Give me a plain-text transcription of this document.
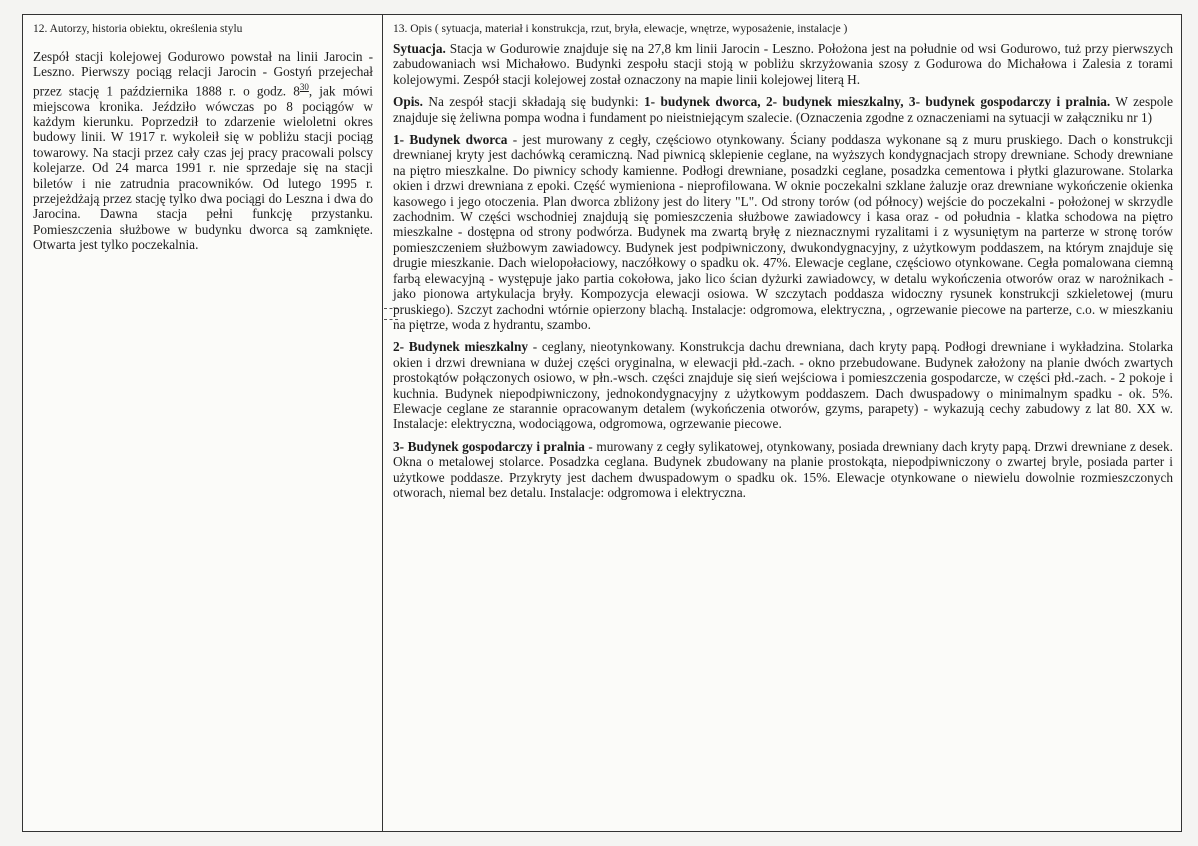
12. Autorzy, historia obiektu, określenia stylu
Zespół stacji kolejowej Godurowo powstał na linii Jarocin - Leszno. Pierwszy pociąg relacji Jarocin - Gostyń przejechał przez stację 1 października 1888 r. o godz. $8^{30}$, jak mówi miejscowa kronika. Jeździło wówczas po 8 pociągów w każdym kierunku. Poprzedził to zdarzenie wieloletni okres budowy linii. W 1917 r. wykoleił się w pobliżu stacji pociąg towarowy. Na stacji przez cały czas jej pracy pracowali polscy kolejarze. Od 24 marca 1991 r. nie sprzedaje się na stacji biletów i nie zatrudnia pracowników. Od lutego 1995 r. przejeżdżają przez stację tylko dwa pociągi do Leszna i dwa do Jarocina. Dawna stacja pełni funkcję przystanku. Pomieszczenia służbowe w budynku dworca są zamknięte. Otwarta jest tylko poczekalnia.
13. Opis ( sytuacja, materiał i konstrukcja, rzut, bryła, elewacje, wnętrze, wyposażenie, instalacje )

Sytuacja. Stacja w Godurowie znajduje się na 27,8 km linii Jarocin - Leszno. Położona jest na południe od wsi Godurowo, tuż przy pierwszych zabudowaniach wsi Michałowo. Budynki zespołu stacji stoją w pobliżu skrzyżowania szosy z Godurowa do Michałowa i Zalesia z torami kolejowymi. Zespół stacji kolejowej został oznaczony na mapie linii kolejowej literą H.

Opis. Na zespół stacji składają się budynki: 1- budynek dworca, 2- budynek mieszkalny, 3- budynek gospodarczy i pralnia. W zespole znajduje się żeliwna pompa wodna i fundament po nieistniejącym szalecie. (Oznaczenia zgodne z oznaczeniami na sytuacji w załączniku nr 1)

1- Budynek dworca - jest murowany z cegły, częściowo otynkowany. Ściany poddasza wykonane są z muru pruskiego. Dach o konstrukcji drewnianej kryty jest dachówką ceramiczną. Nad piwnicą sklepienie ceglane, na wyższych kondygnacjach stropy drewniane. Schody drewniane na piętro mieszkalne. Do piwnicy schody kamienne. Podłogi drewniane, posadzki ceglane, posadzka cementowa i płytki glazurowane. Stolarka okien i drzwi drewniana z epoki. Część wymieniona - nieprofilowana. W oknie poczekalni szklane żaluzje oraz drewniane wykończenie okienka kasowego i jego otoczenia. Plan dworca zbliżony jest do litery "L". Od strony torów (od północy) wejście do poczekalni - położonej w skrzydle zachodnim. W części wschodniej znajdują się pomieszczenia służbowe zawiadowcy i kasa oraz - od południa - klatka schodowa na piętro mieszkalne - dostępna od strony podwórza. Budynek ma zwartą bryłę z nieznacznymi ryzalitami i z wysuniętym na parterze w stronę torów pomieszczeniem służbowym zawiadowcy. Budynek jest podpiwniczony, dwukondygnacyjny, z użytkowym poddaszem, na którym znajduje się drugie mieszkanie. Dach wielopołaciowy, naczółkowy o spadku ok. 47%. Elewacje ceglane, częściowo otynkowane. Cegła pomalowana ciemną farbą elewacyjną - występuje jako partia cokołowa, jako lico ścian dyżurki zawiadowcy, w detalu wykończenia otworów oraz w narożnikach - jako pionowa artykulacja bryły. Kompozycja elewacji osiowa. W szczytach poddasza widoczny rysunek konstrukcji szkieletowej (muru pruskiego). Szczyt zachodni wtórnie opierzony blachą. Instalacje: odgromowa, elektryczna, , ogrzewanie piecowe na parterze, c.o. w mieszkaniu na piętrze, woda z hydrantu, szambo.

2- Budynek mieszkalny - ceglany, nieotynkowany. Konstrukcja dachu drewniana, dach kryty papą. Podłogi drewniane i wykładzina. Stolarka okien i drzwi drewniana w dużej części oryginalna, w elewacji płd.-zach. - okno przebudowane. Budynek założony na planie dwóch zwartych prostokątów połączonych osiowo, w płn.-wsch. części znajduje się sień wejściowa i pomieszczenia gospodarcze, w części płd.-zach. - 2 pokoje i kuchnia. Budynek niepodpiwniczony, jednokondygnacyjny z użytkowym poddaszem. Dach dwuspadowy o minimalnym spadku - ok. 5%. Elewacje ceglane ze starannie opracowanym detalem (wykończenia otworów, gzyms, parapety) - wykazują cechy zabudowy z lat 80. XX w. Instalacje: elektryczna, wodociągowa, odgromowa, ogrzewanie piecowe.

3- Budynek gospodarczy i pralnia - murowany z cegły sylikatowej, otynkowany, posiada drewniany dach kryty papą. Drzwi drewniane z desek. Okna o metalowej stolarce. Posadzka ceglana. Budynek zbudowany na planie prostokąta, niepodpiwniczony o zwartej bryle, posiada parter i użytkowe poddasze. Przykryty jest dachem dwuspadowym o spadku ok. 15%. Elewacje otynkowane o niewielu dowolnie rozmieszczonych otworach, niemal bez detalu. Instalacje: odgromowa i elektryczna.
